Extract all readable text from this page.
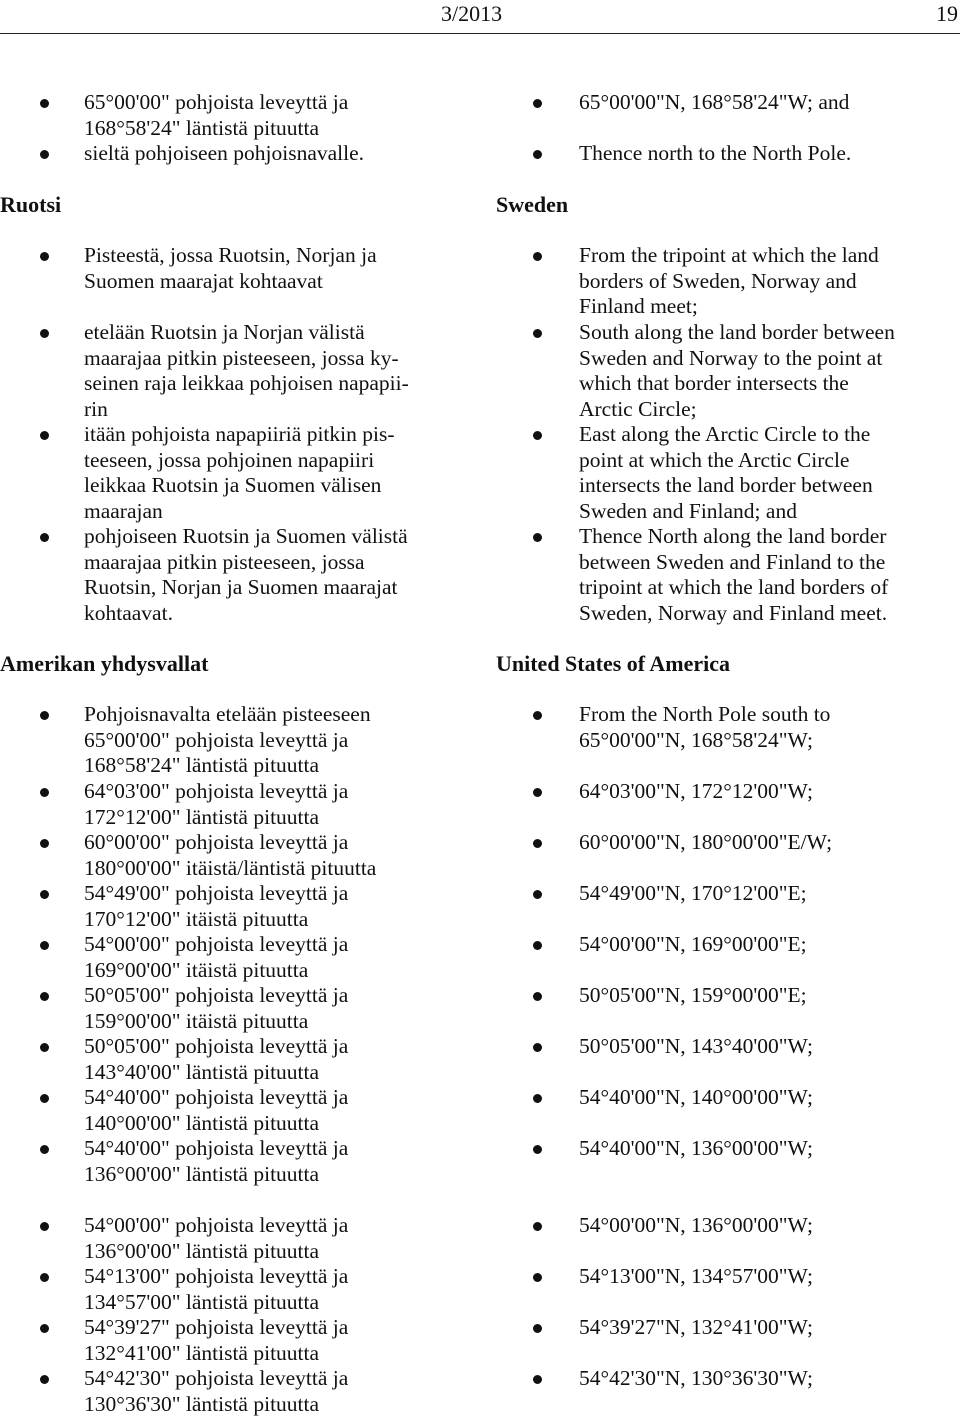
3/2013	19
Ruotsi
Amerikan yhdysvallat
65°00'00" pohjoista leveyttä ja
168°58'24" läntistä pituutta
sieltä pohjoiseen pohjoisnavalle.
Pisteestä, jossa Ruotsin, Norjan ja
Suomen maarajat kohtaavat
etelään Ruotsin ja Norjan välistä
maarajaa pitkin pisteeseen, jossa ky-
seinen raja leikkaa pohjoisen napapii-
rin
itään pohjoista napapiiriä pitkin pis-
teeseen, jossa pohjoinen napapiiri
leikkaa Ruotsin ja Suomen välisen
maarajan
pohjoiseen Ruotsin ja Suomen välistä
maarajaa pitkin pisteeseen, jossa
Ruotsin, Norjan ja Suomen maarajat
kohtaavat.
Pohjoisnavalta etelään pisteeseen
65°00'00" pohjoista leveyttä ja
168°58'24" läntistä pituutta
64°03'00" pohjoista leveyttä ja
172°12'00" läntistä pituutta
60°00'00" pohjoista leveyttä ja
180°00'00" itäistä/läntistä pituutta
54°49'00" pohjoista leveyttä ja
170°12'00" itäistä pituutta
54°00'00" pohjoista leveyttä ja
169°00'00" itäistä pituutta
50°05'00" pohjoista leveyttä ja
159°00'00" itäistä pituutta
50°05'00" pohjoista leveyttä ja
143°40'00" läntistä pituutta
54°40'00" pohjoista leveyttä ja
140°00'00" läntistä pituutta
54°40'00" pohjoista leveyttä ja
136°00'00" läntistä pituutta
54°00'00" pohjoista leveyttä ja
136°00'00" läntistä pituutta
54°13'00" pohjoista leveyttä ja
134°57'00" läntistä pituutta
54°39'27" pohjoista leveyttä ja
132°41'00" läntistä pituutta
54°42'30" pohjoista leveyttä ja
130°36'30" läntistä pituutta
Sweden
United States of America
65°00'00"N, 168°58'24"W; and
Thence north to the North Pole.
From the tripoint at which the land
borders of Sweden, Norway and
Finland meet;
South along the land border between
Sweden and Norway to the point at
which that border intersects the
Arctic Circle;
East along the Arctic Circle to the
point at which the Arctic Circle
intersects the land border between
Sweden and Finland; and
Thence North along the land border
between Sweden and Finland to the
tripoint at which the land borders of
Sweden, Norway and Finland meet.
From the North Pole south to
65°00'00"N, 168°58'24"W;
64°03'00"N, 172°12'00"W;
60°00'00"N, 180°00'00"E/W;
54°49'00"N, 170°12'00"E;
54°00'00"N, 169°00'00"E;
50°05'00"N, 159°00'00"E;
50°05'00"N, 143°40'00"W;
54°40'00"N, 140°00'00"W;
54°40'00"N, 136°00'00"W;
54°00'00"N, 136°00'00"W;
54°13'00"N, 134°57'00"W;
54°39'27"N, 132°41'00"W;
54°42'30"N, 130°36'30"W;
